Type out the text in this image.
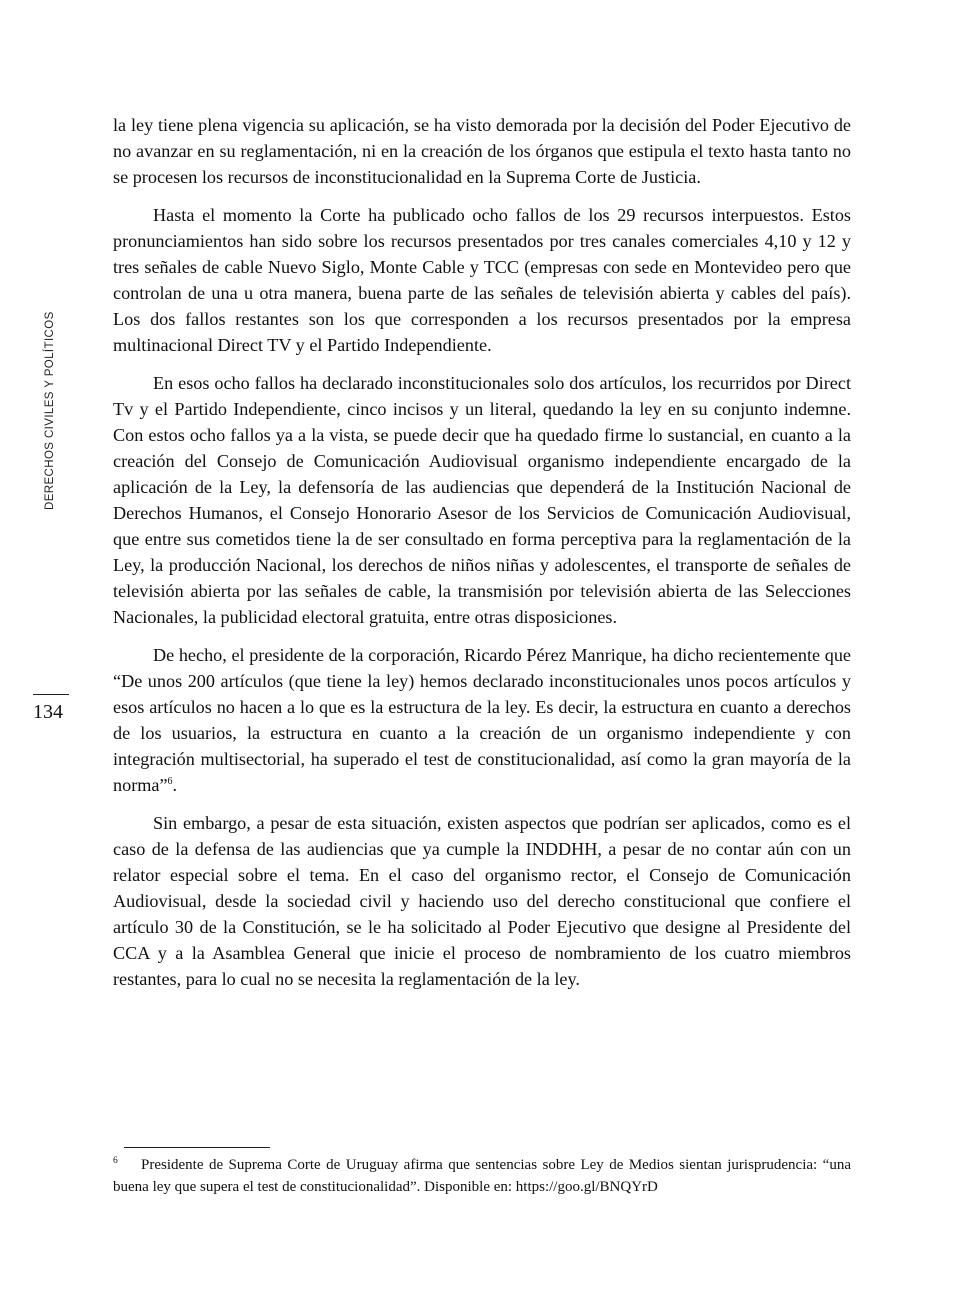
DERECHOS CIVILES Y POLÍTICOS
134

la ley tiene plena vigencia su aplicación, se ha visto demorada por la decisión del Poder Ejecutivo de no avanzar en su reglamentación, ni en la creación de los órganos que estipula el texto hasta tanto no se procesen los recursos de inconstitucionalidad en la Suprema Corte de Justicia.

Hasta el momento la Corte ha publicado ocho fallos de los 29 recursos interpuestos. Estos pronunciamientos han sido sobre los recursos presentados por tres canales comerciales 4,10 y 12 y tres señales de cable Nuevo Siglo, Monte Cable y TCC (empresas con sede en Montevideo pero que controlan de una u otra manera, buena parte de las señales de televisión abierta y cables del país). Los dos fallos restantes son los que corresponden a los recursos presentados por la empresa multinacional Direct TV y el Partido Independiente.

En esos ocho fallos ha declarado inconstitucionales solo dos artículos, los recurridos por Direct Tv y el Partido Independiente, cinco incisos y un literal, quedando la ley en su conjunto indemne. Con estos ocho fallos ya a la vista, se puede decir que ha quedado firme lo sustancial, en cuanto a la creación del Consejo de Comunicación Audiovisual organismo independiente encargado de la aplicación de la Ley, la defensoría de las audiencias que dependerá de la Institución Nacional de Derechos Humanos, el Consejo Honorario Asesor de los Servicios de Comunicación Audiovisual, que entre sus cometidos tiene la de ser consultado en forma perceptiva para la reglamentación de la Ley, la producción Nacional, los derechos de niños niñas y adolescentes, el transporte de señales de televisión abierta por las señales de cable, la transmisión por televisión abierta de las Selecciones Nacionales, la publicidad electoral gratuita, entre otras disposiciones.

De hecho, el presidente de la corporación, Ricardo Pérez Manrique, ha dicho recientemente que “De unos 200 artículos (que tiene la ley) hemos declarado inconstitucionales unos pocos artículos y esos artículos no hacen a lo que es la estructura de la ley. Es decir, la estructura en cuanto a derechos de los usuarios, la estructura en cuanto a la creación de un organismo independiente y con integración multisectorial, ha superado el test de constitucionalidad, así como la gran mayoría de la norma”$^6$.

Sin embargo, a pesar de esta situación, existen aspectos que podrían ser aplicados, como es el caso de la defensa de las audiencias que ya cumple la INDDHH, a pesar de no contar aún con un relator especial sobre el tema. En el caso del organismo rector, el Consejo de Comunicación Audiovisual, desde la sociedad civil y haciendo uso del derecho constitucional que confiere el artículo 30 de la Constitución, se le ha solicitado al Poder Ejecutivo que designe al Presidente del CCA y a la Asamblea General que inicie el proceso de nombramiento de los cuatro miembros restantes, para lo cual no se necesita la reglamentación de la ley.

6 Presidente de Suprema Corte de Uruguay afirma que sentencias sobre Ley de Medios sientan jurisprudencia: “una buena ley que supera el test de constitucionalidad”. Disponible en: https://goo.gl/BNQYrD
